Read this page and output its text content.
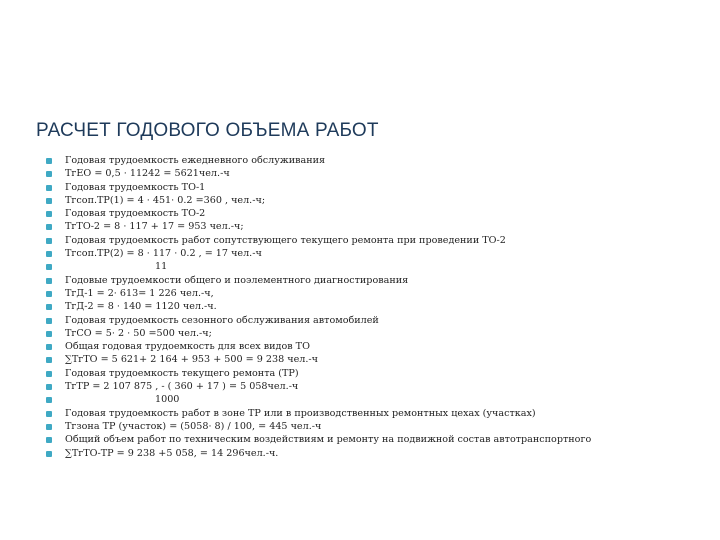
РАСЧЕТ ГОДОВОГО ОБЪЕМА РАБОТ
Годовая трудоемкость ежедневного обслуживания
ТгЕО = 0,5 · 11242 = 5621чел.-ч
Годовая трудоемкость ТО-1
Тгсоп.ТР(1) = 4 · 451· 0.2 =360 , чел.-ч;
Годовая трудоемкость ТО-2
ТгТО-2 = 8 · 117 + 17 = 953 чел.-ч;
Годовая трудоемкость работ сопутствующего текущего ремонта при проведении ТО-2
Тгсоп.ТР(2) = 8 · 117 · 0.2 , = 17 чел.-ч
11
Годовые трудоемкости общего и поэлементного диагностирования
ТгД-1 = 2· 613= 1 226 чел.-ч,
ТгД-2 = 8 · 140 = 1120 чел.-ч.
Годовая трудоемкость сезонного обслуживания автомобилей
ТгСО = 5· 2 · 50 =500 чел.-ч;
Общая годовая трудоемкость для всех видов ТО
∑ТгТО = 5 621+ 2 164 + 953 + 500 = 9 238 чел.-ч
Годовая трудоемкость текущего ремонта (ТР)
ТгТР = 2 107 875 , - ( 360 + 17 ) = 5 058чел.-ч
1000
Годовая трудоемкость работ в зоне ТР или в производственных ремонтных цехах (участках)
Тгзона ТР (участок) = (5058· 8) / 100, = 445 чел.-ч
Общий объем работ по техническим воздействиям и ремонту на подвижной состав автотранспортного
∑ТгТО-ТР = 9 238 +5 058, = 14 296чел.-ч.
